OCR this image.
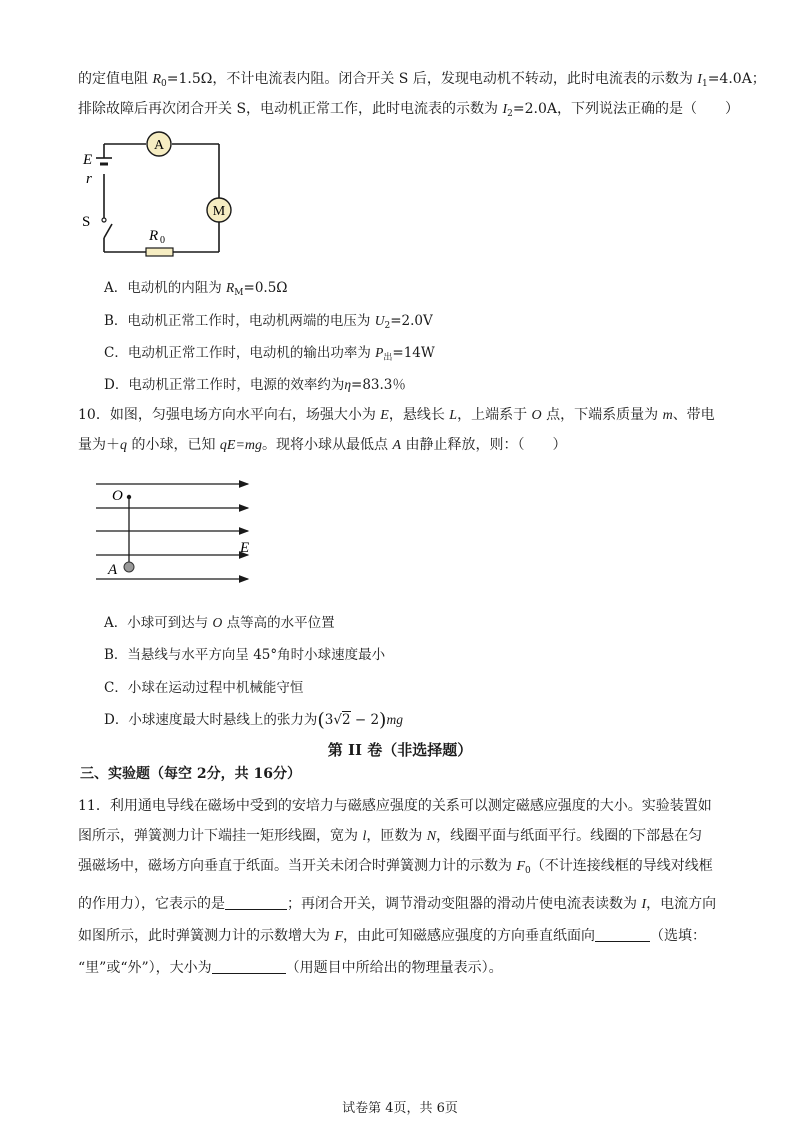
的定值电阻 $R_0=1.5\Omega$，不计电流表内阻。闭合开关 S 后，发现电动机不转动，此时电流表的示数为 $I_1=4.0A$；
排除故障后再次闭合开关 S，电动机正常工作，此时电流表的示数为 $I_2=2.0A$，下列说法正确的是（　　）
A
M
E
r
S
R 0
A．电动机的内阻为 $R_M=0.5\Omega$
B．电动机正常工作时，电动机两端的电压为 $U_2=2.0V$
C．电动机正常工作时，电动机的输出功率为 $P_出=14W$
D．电动机正常工作时，电源的效率约为η=83.3％
10．如图，匀强电场方向水平向右，场强大小为 E，悬线长 L，上端系于 O 点，下端系质量为 m、带电
量为＋q 的小球，已知 qE=mg。现将小球从最低点 A 由静止释放，则：（　　）
O
E
A
A．小球可到达与 O 点等高的水平位置
B．当悬线与水平方向呈 45°角时小球速度最小
C．小球在运动过程中机械能守恒
D．小球速度最大时悬线上的张力为(3√2 − 2)mg
第 II 卷（非选择题）
三、实验题（每空 2分，共 16分）
11．利用通电导线在磁场中受到的安培力与磁感应强度的关系可以测定磁感应强度的大小。实验装置如
图所示，弹簧测力计下端挂一矩形线圈，宽为 l，匝数为 N，线圈平面与纸面平行。线圈的下部悬在匀
强磁场中，磁场方向垂直于纸面。当开关未闭合时弹簧测力计的示数为 $F_0$（不计连接线框的导线对线框
的作用力），它表示的是	；再闭合开关，调节滑动变阻器的滑动片使电流表读数为 I，电流方向
如图所示，此时弹簧测力计的示数增大为 F，由此可知磁感应强度的方向垂直纸面向	（选填：
“里”或“外”），大小为	（用题目中所给出的物理量表示）。
试卷第 4页，共 6页
